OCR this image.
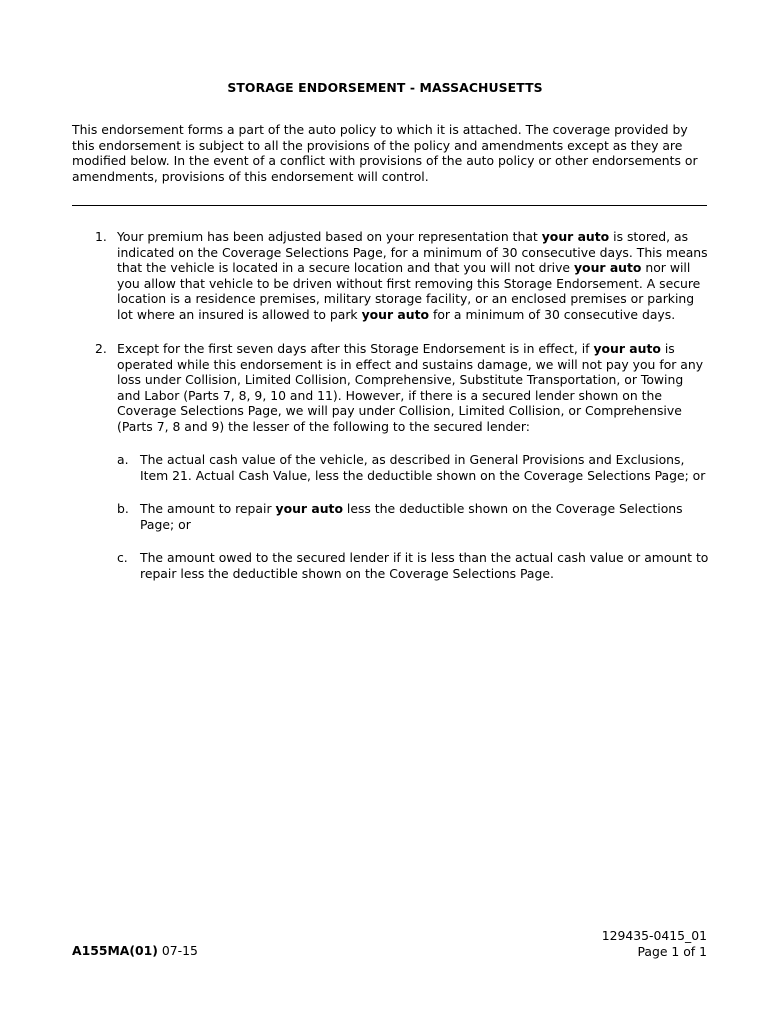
STORAGE ENDORSEMENT - MASSACHUSETTS

This endorsement forms a part of the auto policy to which it is attached. The coverage provided by this endorsement is subject to all the provisions of the policy and amendments except as they are modified below. In the event of a conflict with provisions of the auto policy or other endorsements or amendments, provisions of this endorsement will control.

1. Your premium has been adjusted based on your representation that your auto is stored, as indicated on the Coverage Selections Page, for a minimum of 30 consecutive days. This means that the vehicle is located in a secure location and that you will not drive your auto nor will you allow that vehicle to be driven without first removing this Storage Endorsement. A secure location is a residence premises, military storage facility, or an enclosed premises or parking lot where an insured is allowed to park your auto for a minimum of 30 consecutive days.
2. Except for the first seven days after this Storage Endorsement is in effect, if your auto is operated while this endorsement is in effect and sustains damage, we will not pay you for any loss under Collision, Limited Collision, Comprehensive, Substitute Transportation, or Towing and Labor (Parts 7, 8, 9, 10 and 11). However, if there is a secured lender shown on the Coverage Selections Page, we will pay under Collision, Limited Collision, or Comprehensive (Parts 7, 8 and 9) the lesser of the following to the secured lender:
a. The actual cash value of the vehicle, as described in General Provisions and Exclusions, Item 21. Actual Cash Value, less the deductible shown on the Coverage Selections Page; or
b. The amount to repair your auto less the deductible shown on the Coverage Selections Page; or
c. The amount owed to the secured lender if it is less than the actual cash value or amount to repair less the deductible shown on the Coverage Selections Page.
A155MA(01) 07-15
129435-0415_01
Page 1 of 1
